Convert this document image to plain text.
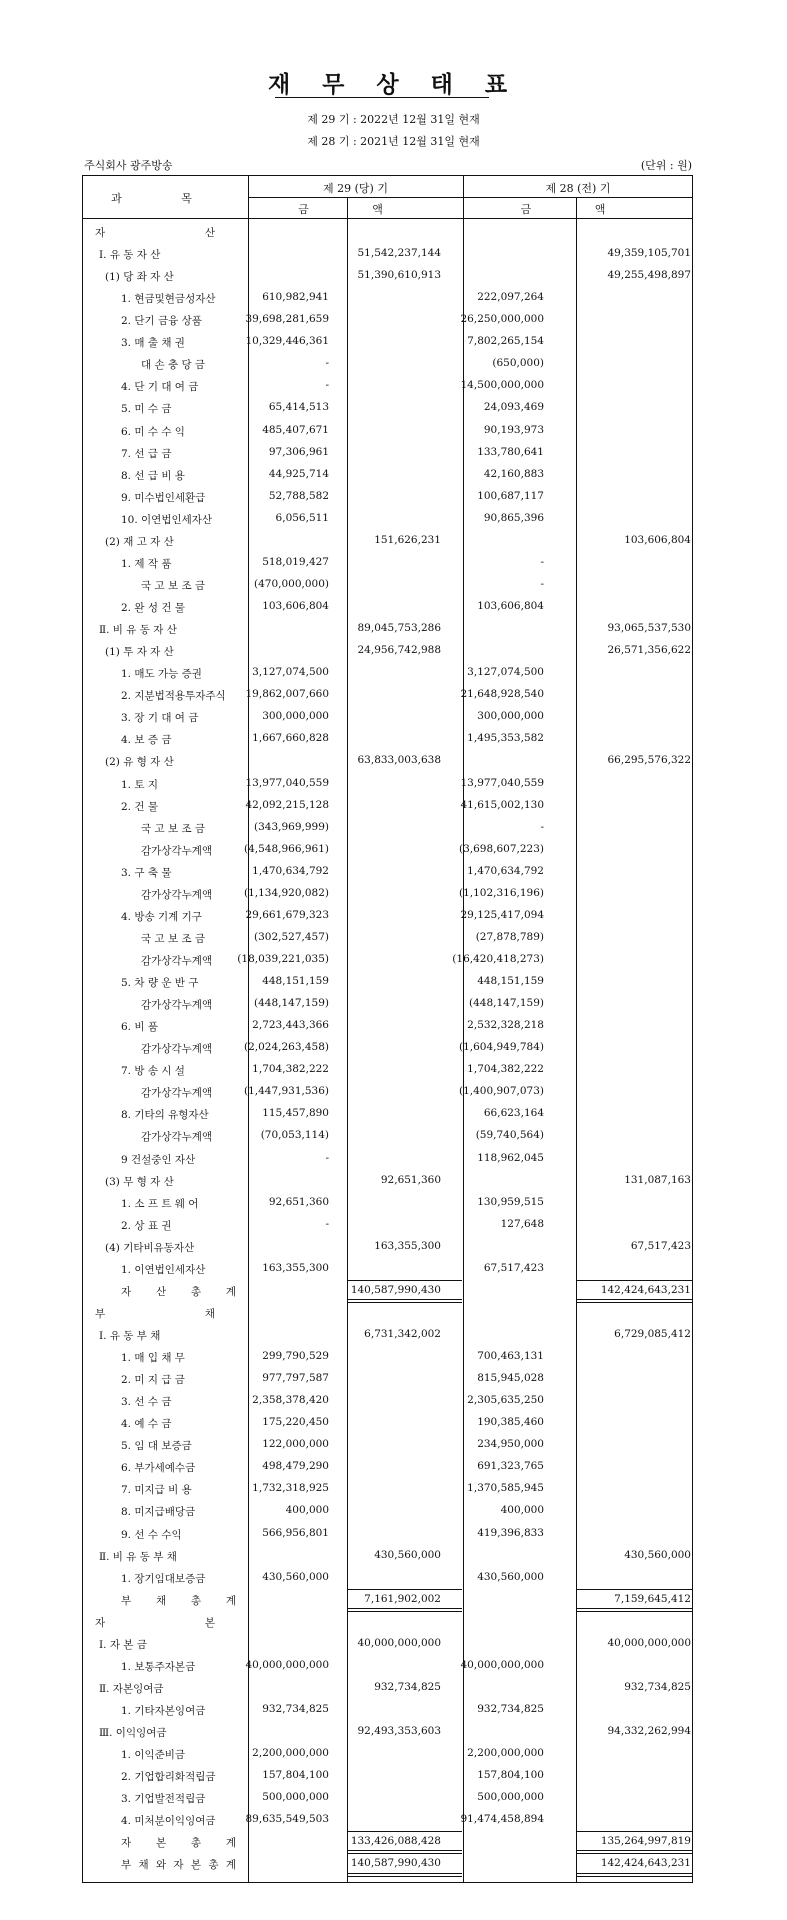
재 무 상 태 표
제 29 기 : 2022년 12월 31일 현재
제 28 기 : 2021년 12월 31일 현재
주식회사 광주방송	(단위 : 원)
과 목
제 29 (당) 기	제 28 (전) 기
금 액	금 액
자	산
Ⅰ. 유 동 자 산	51,542,237,144	49,359,105,701
(1) 당 좌 자 산	51,390,610,913	49,255,498,897
1. 현금및현금성자산	610,982,941	222,097,264
2. 단기 금융 상품	39,698,281,659	26,250,000,000
3. 매 출 채 권	10,329,446,361	7,802,265,154
대 손 충 당 금	-	(650,000)
4. 단 기 대 여 금	-	14,500,000,000
5. 미 수 금	65,414,513	24,093,469
6. 미 수 수 익	485,407,671	90,193,973
7. 선 급 금	97,306,961	133,780,641
8. 선 급 비 용	44,925,714	42,160,883
9. 미수법인세환급	52,788,582	100,687,117
10. 이연법인세자산	6,056,511	90,865,396
(2) 재 고 자 산	151,626,231	103,606,804
1. 제 작 품	518,019,427	-
국 고 보 조 금	(470,000,000)	-
2. 완 성 건 물	103,606,804	103,606,804
Ⅱ. 비 유 동 자 산	89,045,753,286	93,065,537,530
(1) 투 자 자 산	24,956,742,988	26,571,356,622
1. 매도 가능 증권	3,127,074,500	3,127,074,500
2. 지분법적용투자주식 19,862,007,660	21,648,928,540
3. 장 기 대 여 금	300,000,000	300,000,000
4. 보 증 금	1,667,660,828	1,495,353,582
(2) 유 형 자 산	63,833,003,638	66,295,576,322
1. 토 지	13,977,040,559	13,977,040,559
2. 건 물	42,092,215,128	41,615,002,130
국 고 보 조 금	(343,969,999)	-
감가상각누계액	(4,548,966,961)	(3,698,607,223)
3. 구 축 물	1,470,634,792	1,470,634,792
감가상각누계액	(1,134,920,082)	(1,102,316,196)
4. 방송 기계 기구	29,661,679,323	29,125,417,094
국 고 보 조 금	(302,527,457)	(27,878,789)
감가상각누계액 (18,039,221,035)	(16,420,418,273)
5. 차 량 운 반 구	448,151,159	448,151,159
감가상각누계액	(448,147,159)	(448,147,159)
6. 비 품	2,723,443,366	2,532,328,218
감가상각누계액	(2,024,263,458)	(1,604,949,784)
7. 방 송 시 설	1,704,382,222	1,704,382,222
감가상각누계액	(1,447,931,536)	(1,400,907,073)
8. 기타의 유형자산	115,457,890	66,623,164
감가상각누계액	(70,053,114)	(59,740,564)
9 건설중인 자산	-	118,962,045
(3) 무 형 자 산	92,651,360	131,087,163
1. 소 프 트 웨 어	92,651,360	130,959,515
2. 상 표 권	-	127,648
(4) 기타비유동자산	163,355,300	67,517,423
1. 이연법인세자산	163,355,300	67,517,423
자 산 총 계	140,587,990,430	142,424,643,231
부	채
Ⅰ. 유 동 부 채	6,731,342,002	6,729,085,412
1. 매 입 채 무	299,790,529	700,463,131
2. 미 지 급 금	977,797,587	815,945,028
3. 선 수 금	2,358,378,420	2,305,635,250
4. 예 수 금	175,220,450	190,385,460
5. 임 대 보증금	122,000,000	234,950,000
6. 부가세예수금	498,479,290	691,323,765
7. 미지급 비 용	1,732,318,925	1,370,585,945
8. 미지급배당금	400,000	400,000
9. 선 수 수익	566,956,801	419,396,833
Ⅱ. 비 유 동 부 채	430,560,000	430,560,000
1. 장기임대보증금	430,560,000	430,560,000
부 채 총 계	7,161,902,002	7,159,645,412
자	본
Ⅰ. 자 본 금	40,000,000,000	40,000,000,000
1. 보통주자본금	40,000,000,000	40,000,000,000
Ⅱ. 자본잉여금	932,734,825	932,734,825
1. 기타자본잉여금	932,734,825	932,734,825
Ⅲ. 이익잉여금	92,493,353,603	94,332,262,994
1. 이익준비금	2,200,000,000	2,200,000,000
2. 기업합리화적립금	157,804,100	157,804,100
3. 기업발전적립금	500,000,000	500,000,000
4. 미처분이익잉여금	89,635,549,503	91,474,458,894
자 본 총 계	133,426,088,428	135,264,997,819
부 채 와 자 본 총 계	140,587,990,430	142,424,643,231
